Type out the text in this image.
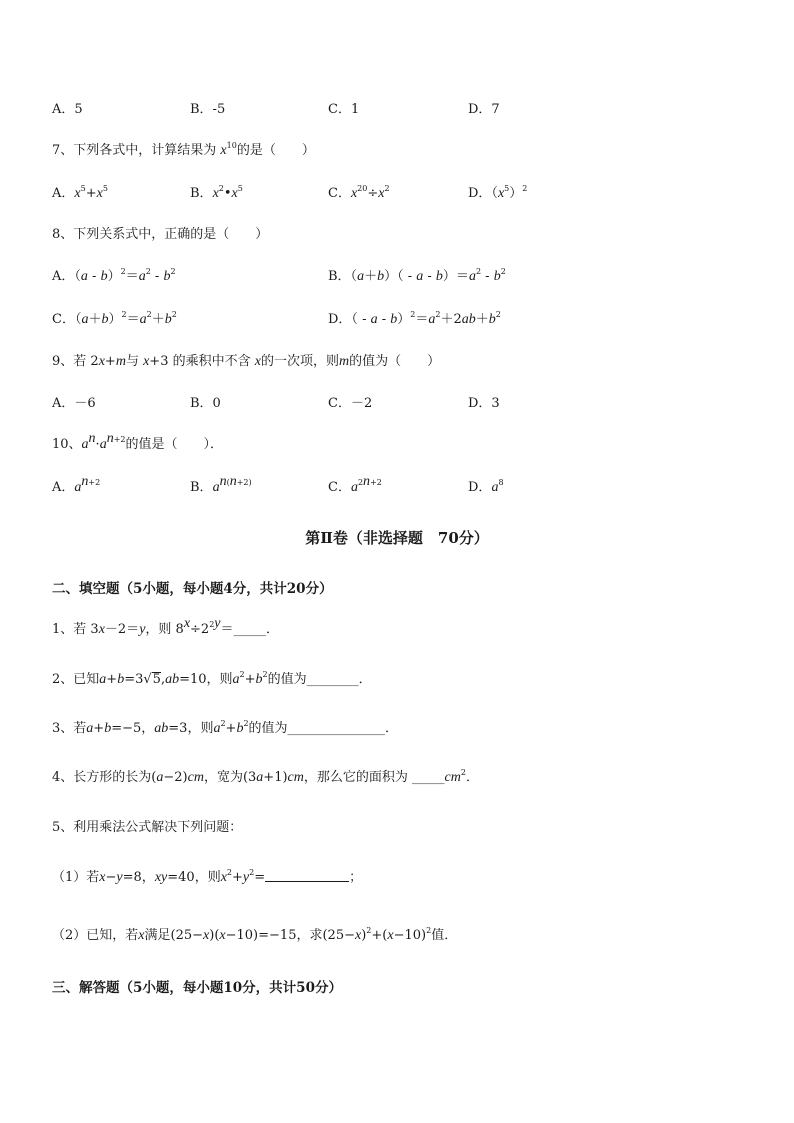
A．5	B．-5	C．1	D．7
7、下列各式中，计算结果为 $x^{10}$的是（　　）
A．$x^5+x^5$	B．$x^2•x^5$	C．$x^{20}\div x^2$	D．$(x^5)^2$
8、下列关系式中，正确的是（　　）
A．$(a - b)^2=a^2 - b^2$	B．$(a+b)( - a - b)=a^2 - b^2$
C．$(a+b)^2=a^2+b^2$	D．（ - $a - b)^2=a^2+2ab+b^2$
9、若 2x+m与 x+3 的乘积中不含 x的一次项，则m的值为（　　）
A．－6	B．0	C．－2	D．3
10、$a^n\cdot a^{n+2}$的值是（　　）．
A．$a^{n+2}$	B．$a^{n(n+2)}$	C．$a^{2n+2}$	D．$a^8$
第Ⅱ卷（非选择题　70分）
二、填空题（5小题，每小题4分，共计20分）
1、若 3x－2＝y，则 $8^x\div 2^{2y}=\_\_\_\_\_$．
2、已知a+b=3√5,ab=10，则$a^2+b^2$的值为________．
3、若a+b=−5，ab=3，则$a^2+b^2$的值为_______________．
4、长方形的长为(a−2)cm，宽为(3a+1)cm，那么它的面积为 $\_\_\_\_\_cm^2$．
5、利用乘法公式解决下列问题：
（1）若x−y=8，xy=40，则$x^2+y^2=$	；
（2）已知，若x满足(25−x)(x−10)=−15，求$(25-x)^2+(x-10)^2$值．
三、解答题（5小题，每小题10分，共计50分）
